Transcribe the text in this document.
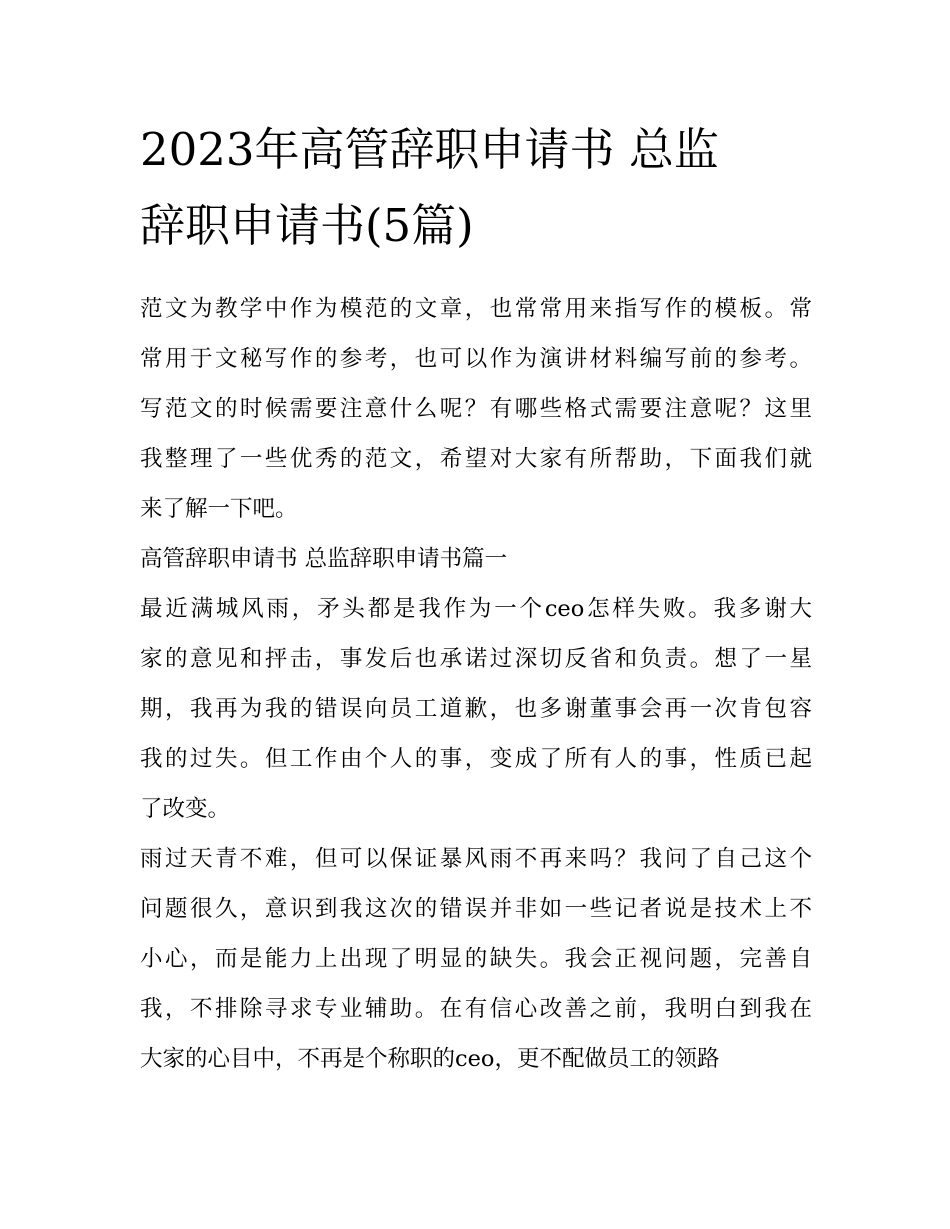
2023年高管辞职申请书 总监
辞职申请书(5篇)
范文为教学中作为模范的文章，也常常用来指写作的模板。常
常用于文秘写作的参考，也可以作为演讲材料编写前的参考。
写范文的时候需要注意什么呢？有哪些格式需要注意呢？这里
我整理了一些优秀的范文，希望对大家有所帮助，下面我们就
来了解一下吧。
高管辞职申请书 总监辞职申请书篇一
最近满城风雨，矛头都是我作为一个ceo怎样失败。我多谢大
家的意见和抨击，事发后也承诺过深切反省和负责。想了一星
期，我再为我的错误向员工道歉，也多谢董事会再一次肯包容
我的过失。但工作由个人的事，变成了所有人的事，性质已起
了改变。
雨过天青不难，但可以保证暴风雨不再来吗？我问了自己这个
问题很久，意识到我这次的错误并非如一些记者说是技术上不
小心，而是能力上出现了明显的缺失。我会正视问题，完善自
我，不排除寻求专业辅助。在有信心改善之前，我明白到我在
大家的心目中，不再是个称职的ceo，更不配做员工的领路
